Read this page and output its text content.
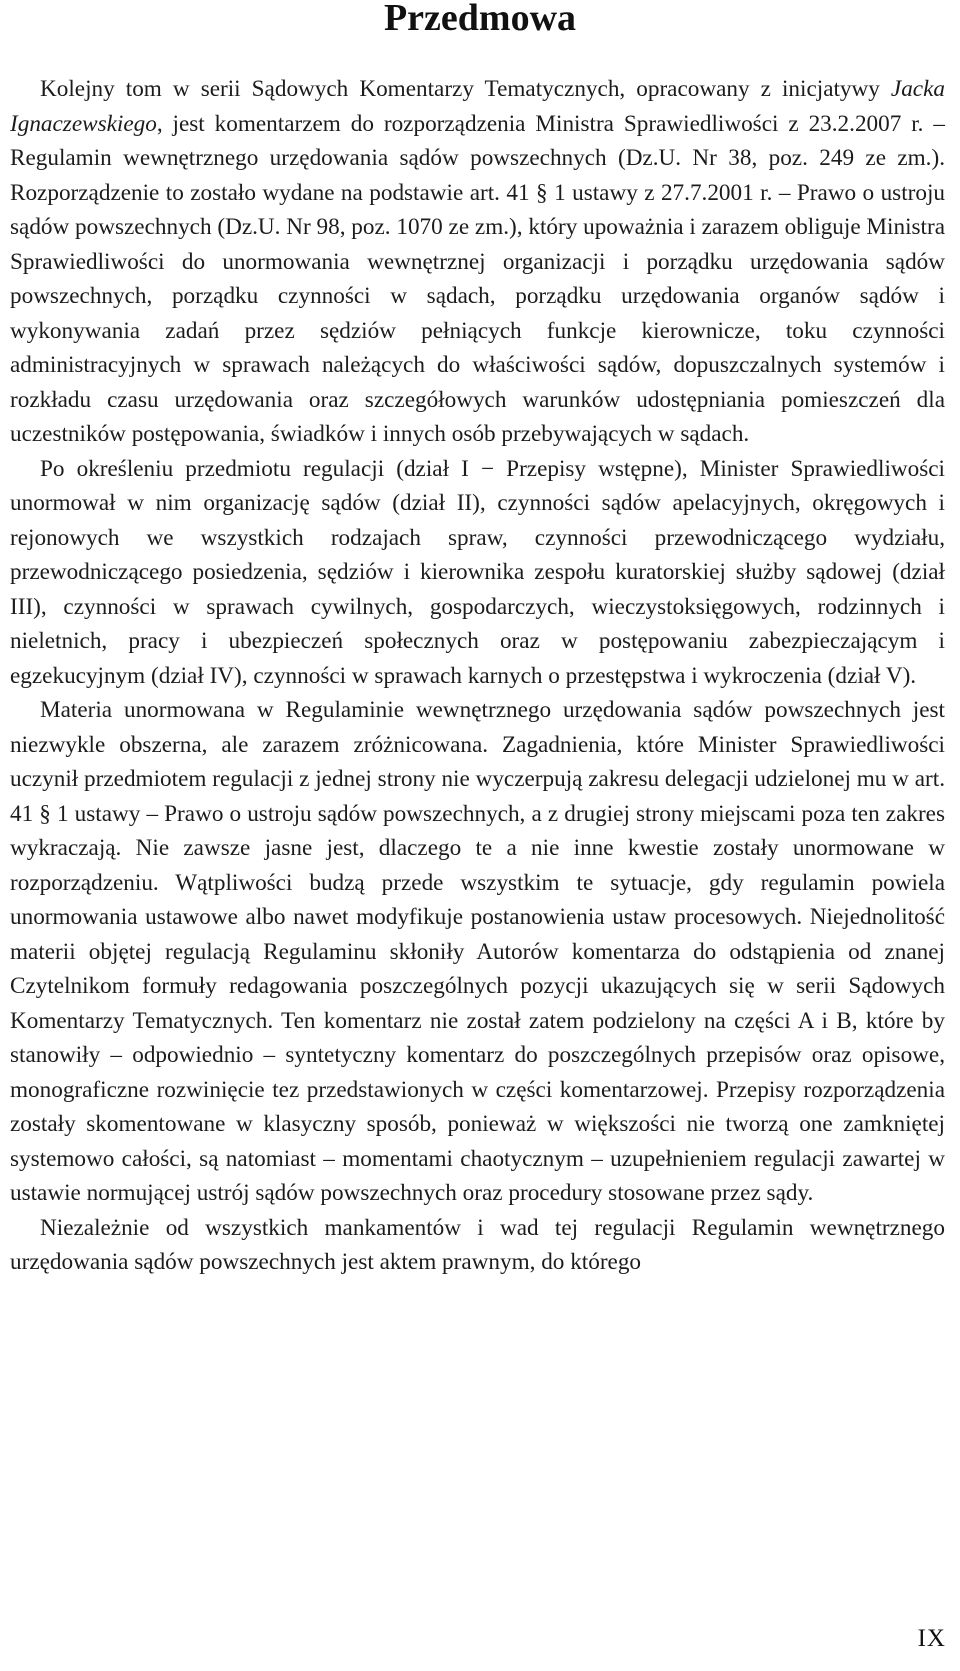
Przedmowa

Kolejny tom w serii Sądowych Komentarzy Tematycznych, opracowany z inicjatywy Jacka Ignaczewskiego, jest komentarzem do rozporządzenia Ministra Sprawiedliwości z 23.2.2007 r. – Regulamin wewnętrznego urzędowania sądów powszechnych (Dz.U. Nr 38, poz. 249 ze zm.). Rozporządzenie to zostało wydane na podstawie art. 41 § 1 ustawy z 27.7.2001 r. – Prawo o ustroju sądów powszechnych (Dz.U. Nr 98, poz. 1070 ze zm.), który upoważnia i zarazem obliguje Ministra Sprawiedliwości do unormowania wewnętrznej organizacji i porządku urzędowania sądów powszechnych, porządku czynności w sądach, porządku urzędowania organów sądów i wykonywania zadań przez sędziów pełniących funkcje kierownicze, toku czynności administracyjnych w sprawach należących do właściwości sądów, dopuszczalnych systemów i rozkładu czasu urzędowania oraz szczegółowych warunków udostępniania pomieszczeń dla uczestników postępowania, świadków i innych osób przebywających w sądach.

Po określeniu przedmiotu regulacji (dział I − Przepisy wstępne), Minister Sprawiedliwości unormował w nim organizację sądów (dział II), czynności sądów apelacyjnych, okręgowych i rejonowych we wszystkich rodzajach spraw, czynności przewodniczącego wydziału, przewodniczącego posiedzenia, sędziów i kierownika zespołu kuratorskiej służby sądowej (dział III), czynności w sprawach cywilnych, gospodarczych, wieczystoksięgowych, rodzinnych i nieletnich, pracy i ubezpieczeń społecznych oraz w postępowaniu zabezpieczającym i egzekucyjnym (dział IV), czynności w sprawach karnych o przestępstwa i wykroczenia (dział V).

Materia unormowana w Regulaminie wewnętrznego urzędowania sądów powszechnych jest niezwykle obszerna, ale zarazem zróżnicowana. Zagadnienia, które Minister Sprawiedliwości uczynił przedmiotem regulacji z jednej strony nie wyczerpują zakresu delegacji udzielonej mu w art. 41 § 1 ustawy – Prawo o ustroju sądów powszechnych, a z drugiej strony miejscami poza ten zakres wykraczają. Nie zawsze jasne jest, dlaczego te a nie inne kwestie zostały unormowane w rozporządzeniu. Wątpliwości budzą przede wszystkim te sytuacje, gdy regulamin powiela unormowania ustawowe albo nawet modyfikuje postanowienia ustaw procesowych. Niejednolitość materii objętej regulacją Regulaminu skłoniły Autorów komentarza do odstąpienia od znanej Czytelnikom formuły redagowania poszczególnych pozycji ukazujących się w serii Sądowych Komentarzy Tematycznych. Ten komentarz nie został zatem podzielony na części A i B, które by stanowiły – odpowiednio – syntetyczny komentarz do poszczególnych przepisów oraz opisowe, monograficzne rozwinięcie tez przedstawionych w części komentarzowej. Przepisy rozporządzenia zostały skomentowane w klasyczny sposób, ponieważ w większości nie tworzą one zamkniętej systemowo całości, są natomiast – momentami chaotycznym – uzupełnieniem regulacji zawartej w ustawie normującej ustrój sądów powszechnych oraz procedury stosowane przez sądy.

Niezależnie od wszystkich mankamentów i wad tej regulacji Regulamin wewnętrznego urzędowania sądów powszechnych jest aktem prawnym, do którego

IX
